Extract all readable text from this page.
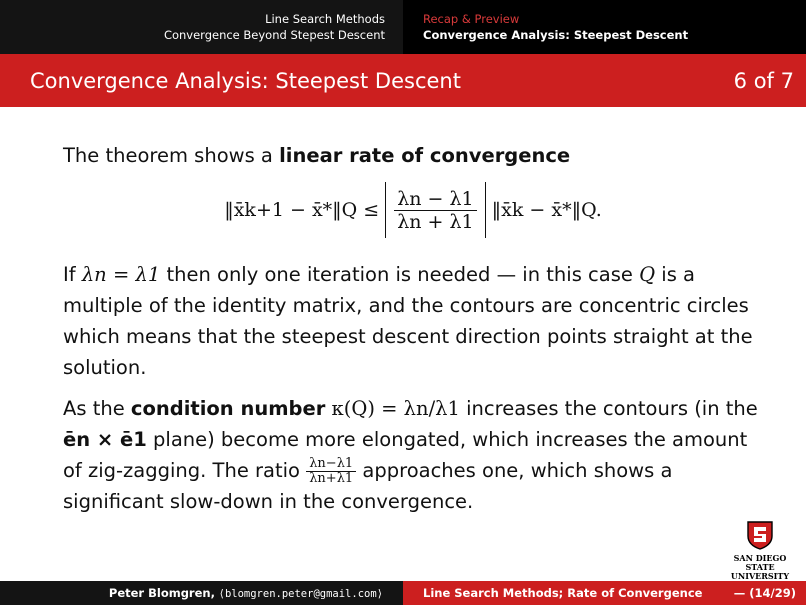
Line Search Methods
Convergence Beyond Stepest Descent
Recap & Preview
Convergence Analysis: Steepest Descent
Convergence Analysis: Steepest Descent	6 of 7

The theorem shows a linear rate of convergence

‖x̄k+1 − x̄*‖Q ≤ $\frac{\lambda n - \lambda 1}{\lambda n + \lambda 1}$ ‖x̄k − x̄*‖Q.

If λn = λ1 then only one iteration is needed — in this case Q is a multiple of the identity matrix, and the contours are concentric circles which means that the steepest descent direction points straight at the solution.

As the condition number κ(Q) = λn/λ1 increases the contours (in the ēn × ē1 plane) become more elongated, which increases the amount of zig-zagging. The ratio $\frac{\lambda n-\lambda 1}{\lambda n+\lambda 1}$ approaches one, which shows a significant slow-down in the convergence.

SAN DIEGO STATE
UNIVERSITY
Peter Blomgren, ⟨blomgren.peter@gmail.com⟩	Line Search Methods; Rate of Convergence	— (14/29)
